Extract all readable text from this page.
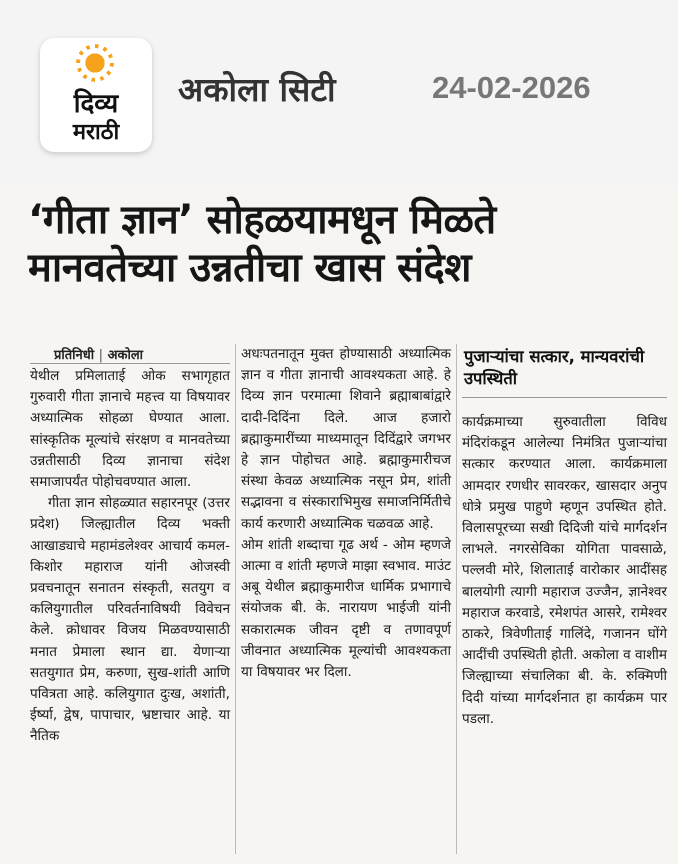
दिव्य
मराठी
अकोला सिटी	24-02-2026
‘गीता ज्ञान’ सोहळयामधून मिळते
मानवतेच्या उन्नतीचा खास संदेश
प्रतिनिधी | अकोला

येथील प्रमिलाताई ओक सभागृहात गुरुवारी गीता ज्ञानाचे महत्त्व या विषयावर अध्यात्मिक सोहळा घेण्यात आला. सांस्कृतिक मूल्यांचे संरक्षण व मानवतेच्या उन्नतीसाठी दिव्य ज्ञानाचा संदेश समाजापर्यंत पोहोचवण्यात आला.

गीता ज्ञान सोहळ्यात सहारनपूर (उत्तर प्रदेश) जिल्ह्यातील दिव्य भक्ती आखाड्याचे महामंडलेश्वर आचार्य कमल-किशोर महाराज यांनी ओजस्वी प्रवचनातून सनातन संस्कृती, सतयुग व कलियुगातील परिवर्तनाविषयी विवेचन केले. क्रोधावर विजय मिळवण्यासाठी मनात प्रेमाला स्थान द्या. येणाऱ्या सतयुगात प्रेम, करुणा, सुख-शांती आणि पवित्रता आहे. कलियुगात दुःख, अशांती, ईर्ष्या, द्वेष, पापाचार, भ्रष्टाचार आहे. या नैतिक

अधःपतनातून मुक्त होण्यासाठी अध्यात्मिक ज्ञान व गीता ज्ञानाची आवश्यकता आहे. हे दिव्य ज्ञान परमात्मा शिवाने ब्रह्माबाबांद्वारे दादी-दिदिंना दिले. आज हजारो ब्रह्माकुमारींच्या माध्यमातून दिदिंद्वारे जगभर हे ज्ञान पोहोचत आहे. ब्रह्माकुमारीचज संस्था केवळ अध्यात्मिक नसून प्रेम, शांती सद्भावना व संस्काराभिमुख समाजनिर्मितीचे कार्य करणारी अध्यात्मिक चळवळ आहे.

ओम शांती शब्दाचा गूढ अर्थ - ओम म्हणजे आत्मा व शांती म्हणजे माझा स्वभाव. माउंट अबू येथील ब्रह्माकुमारीज धार्मिक प्रभागाचे संयोजक बी. के. नारायण भाईजी यांनी सकारात्मक जीवन दृष्टी व तणावपूर्ण जीवनात अध्यात्मिक मूल्यांची आवश्यकता या विषयावर भर दिला.

पुजाऱ्यांचा सत्कार, मान्यवरांची उपस्थिती

कार्यक्रमाच्या सुरुवातीला विविध मंदिरांकडून आलेल्या निमंत्रित पुजाऱ्यांचा सत्कार करण्यात आला. कार्यक्रमाला आमदार रणधीर सावरकर, खासदार अनुप धोत्रे प्रमुख पाहुणे म्हणून उपस्थित होते. विलासपूरच्या सखी दिदिजी यांचे मार्गदर्शन लाभले. नगरसेविका योगिता पावसाळे, पल्लवी मोरे, शिलाताई वारोकार आदींसह बालयोगी त्यागी महाराज उज्जैन, ज्ञानेश्वर महाराज करवाडे, रमेशपंत आसरे, रामेश्वर ठाकरे, त्रिवेणीताई गालिंदे, गजानन घोंगे आदींची उपस्थिती होती. अकोला व वाशीम जिल्ह्याच्या संचालिका बी. के. रुक्मिणी दिदी यांच्या मार्गदर्शनात हा कार्यक्रम पार पडला.
